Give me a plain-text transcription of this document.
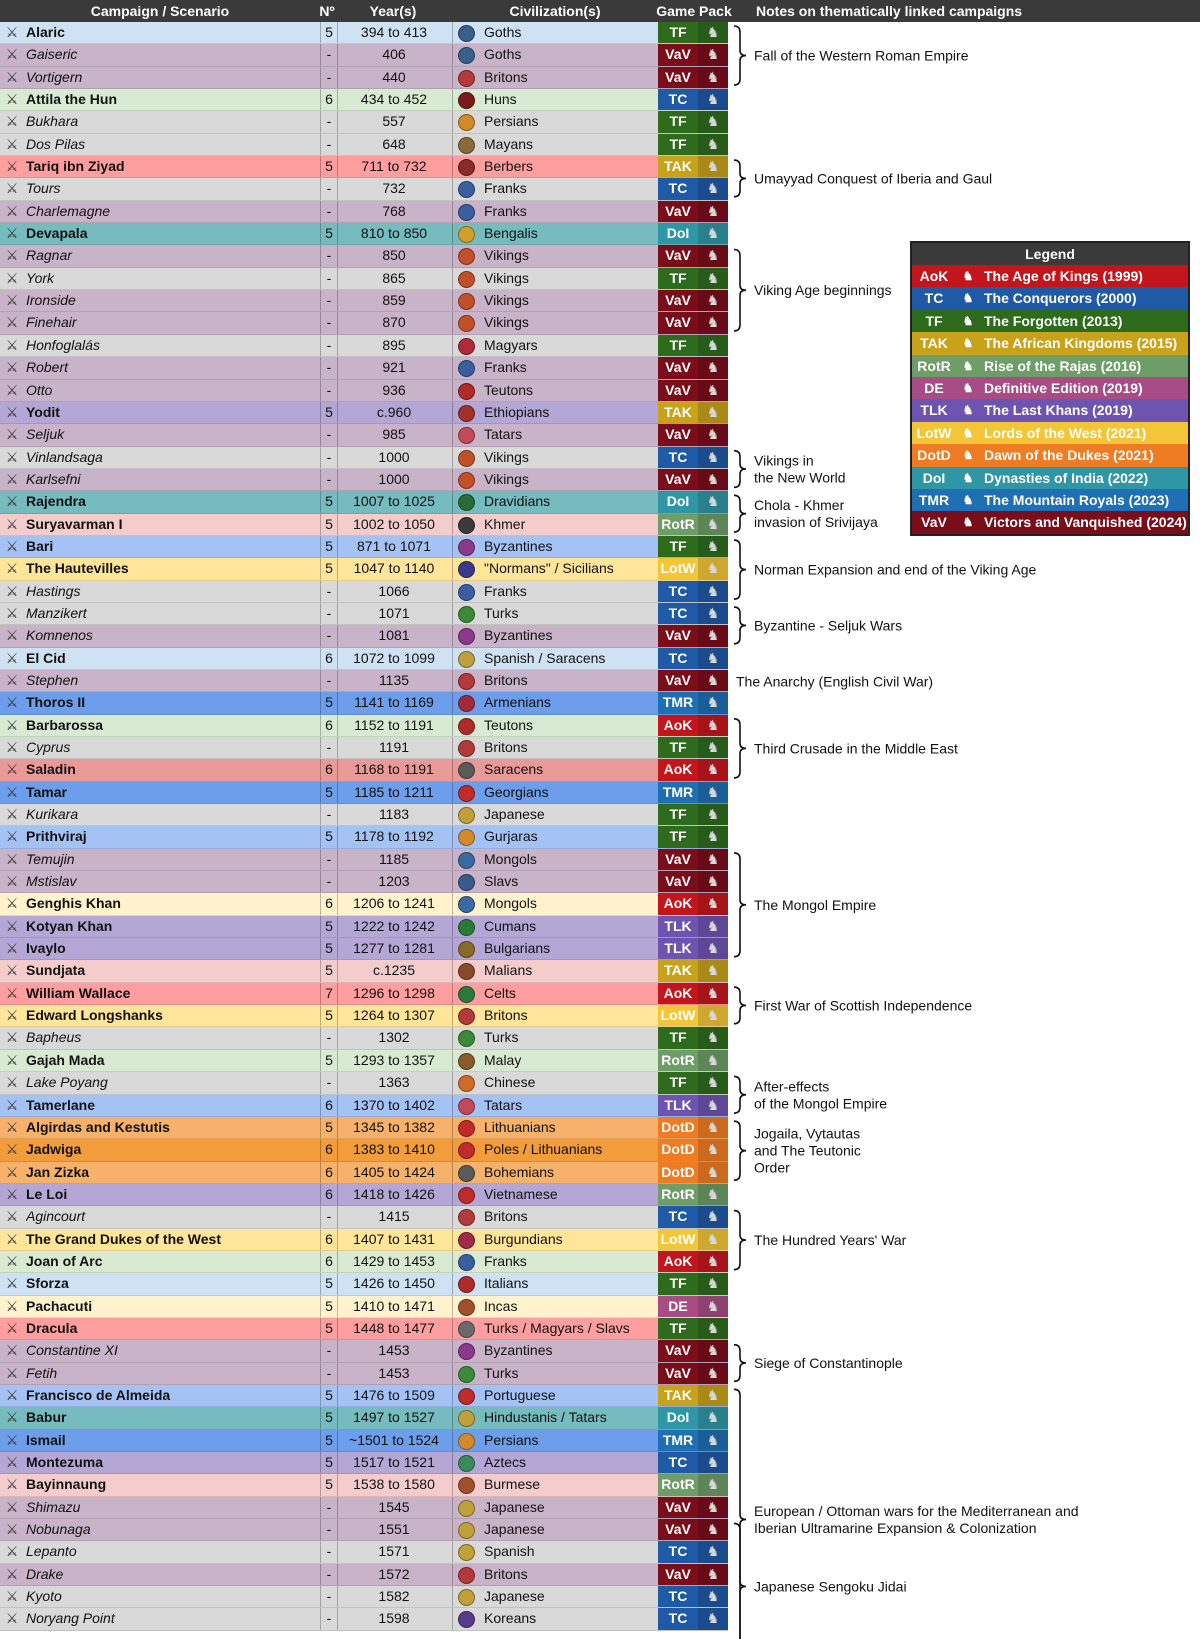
Campaign / Scenario	Nº	Year(s)	Civilization(s)	Game Pack Notes on thematically linked campaigns
⚔ Alaric	5	394 to 413	Goths	TF	♞
⚔ Gaiseric	-	406	Goths	VaV	♞
⚔ Vortigern	-	440	Britons	VaV	♞
⚔ Attila the Hun	6	434 to 452	Huns	TC	♞
⚔ Bukhara	-	557	Persians	TF	♞
⚔ Dos Pilas	-	648	Mayans	TF	♞
⚔ Tariq ibn Ziyad	5	711 to 732	Berbers	TAK	♞
⚔ Tours	-	732	Franks	TC	♞
⚔ Charlemagne	-	768	Franks	VaV	♞
⚔ Devapala	5	810 to 850	Bengalis	DoI	♞
⚔ Ragnar	-	850	Vikings	VaV	♞
⚔ York	-	865	Vikings	TF	♞
⚔ Ironside	-	859	Vikings	VaV	♞
⚔ Finehair	-	870	Vikings	VaV	♞
⚔ Honfoglalás	-	895	Magyars	TF	♞
⚔ Robert	-	921	Franks	VaV	♞
⚔ Otto	-	936	Teutons	VaV	♞
⚔ Yodit	5	c.960	Ethiopians	TAK	♞
⚔ Seljuk	-	985	Tatars	VaV	♞
⚔ Vinlandsaga	-	1000	Vikings	TC	♞
⚔ Karlsefni	-	1000	Vikings	VaV	♞
⚔ Rajendra	5	1007 to 1025	Dravidians	DoI	♞
⚔ Suryavarman I	5	1002 to 1050	Khmer	RotR ♞
⚔ Bari	5	871 to 1071	Byzantines	TF	♞
⚔ The Hautevilles	5	1047 to 1140	"Normans" / Sicilians	LotW ♞
⚔ Hastings	-	1066	Franks	TC	♞
⚔ Manzikert	-	1071	Turks	TC	♞
⚔ Komnenos	-	1081	Byzantines	VaV	♞
⚔ El Cid	6	1072 to 1099	Spanish / Saracens	TC	♞
⚔ Stephen	-	1135	Britons	VaV	♞
⚔ Thoros II	5	1141 to 1169	Armenians	TMR ♞
⚔ Barbarossa	6	1152 to 1191	Teutons	AoK	♞
⚔ Cyprus	-	1191	Britons	TF	♞
⚔ Saladin	6	1168 to 1191	Saracens	AoK	♞
⚔ Tamar	5	1185 to 1211	Georgians	TMR ♞
⚔ Kurikara	-	1183	Japanese	TF	♞
⚔ Prithviraj	5	1178 to 1192	Gurjaras	TF	♞
⚔ Temujin	-	1185	Mongols	VaV	♞
⚔ Mstislav	-	1203	Slavs	VaV	♞
⚔ Genghis Khan	6	1206 to 1241	Mongols	AoK	♞
⚔ Kotyan Khan	5	1222 to 1242	Cumans	TLK	♞
⚔ Ivaylo	5	1277 to 1281	Bulgarians	TLK	♞
⚔ Sundjata	5	c.1235	Malians	TAK	♞
⚔ William Wallace	7	1296 to 1298	Celts	AoK	♞
⚔ Edward Longshanks	5	1264 to 1307	Britons	LotW ♞
⚔ Bapheus	-	1302	Turks	TF	♞
⚔ Gajah Mada	5	1293 to 1357	Malay	RotR ♞
⚔ Lake Poyang	-	1363	Chinese	TF	♞
⚔ Tamerlane	6	1370 to 1402	Tatars	TLK	♞
⚔ Algirdas and Kestutis	5	1345 to 1382	Lithuanians	DotD ♞
⚔ Jadwiga	6	1383 to 1410	Poles / Lithuanians	DotD ♞
⚔ Jan Zizka	6	1405 to 1424	Bohemians	DotD ♞
⚔ Le Loi	6	1418 to 1426	Vietnamese	RotR ♞
⚔ Agincourt	-	1415	Britons	TC	♞
⚔ The Grand Dukes of the West	6	1407 to 1431	Burgundians	LotW ♞
⚔ Joan of Arc	6	1429 to 1453	Franks	AoK	♞
⚔ Sforza	5	1426 to 1450	Italians	TF	♞
⚔ Pachacuti	5	1410 to 1471	Incas	DE	♞
⚔ Dracula	5	1448 to 1477	Turks / Magyars / Slavs	TF	♞
⚔ Constantine XI	-	1453	Byzantines	VaV	♞
⚔ Fetih	-	1453	Turks	VaV	♞
⚔ Francisco de Almeida	5	1476 to 1509	Portuguese	TAK	♞
⚔ Babur	5	1497 to 1527	Hindustanis / Tatars	DoI	♞
⚔ Ismail	5	~1501 to 1524	Persians	TMR ♞
⚔ Montezuma	5	1517 to 1521	Aztecs	TC	♞
⚔ Bayinnaung	5	1538 to 1580	Burmese	RotR ♞
⚔ Shimazu	-	1545	Japanese	VaV	♞
⚔ Nobunaga	-	1551	Japanese	VaV	♞
⚔ Lepanto	-	1571	Spanish	TC	♞
⚔ Drake	-	1572	Britons	VaV	♞
⚔ Kyoto	-	1582	Japanese	TC	♞
⚔ Noryang Point	-	1598	Koreans	TC	♞
Fall of the Western Roman Empire
Umayyad Conquest of Iberia and Gaul
Viking Age beginnings
Vikings in the New World
Chola - Khmer invasion of Srivijaya
Norman Expansion and end of the Viking Age
Byzantine - Seljuk Wars
The Anarchy (English Civil War)
Third Crusade in the Middle East
The Mongol Empire
First War of Scottish Independence
After-effects of the Mongol Empire
Jogaila, Vytautas and The Teutonic Order
The Hundred Years' War
Siege of Constantinople
European / Ottoman wars for the Mediterranean and Iberian Ultramarine Expansion & Colonization
Japanese Sengoku Jidai
Legend
AoK	♞ The Age of Kings (1999)
TC	♞ The Conquerors (2000)
TF	♞ The Forgotten (2013)
TAK	♞ The African Kingdoms (2015)
RotR ♞ Rise of the Rajas (2016)
DE	♞ Definitive Edition (2019)
TLK	♞ The Last Khans (2019)
LotW ♞ Lords of the West (2021)
DotD ♞ Dawn of the Dukes (2021)
DoI	♞ Dynasties of India (2022)
TMR	♞ The Mountain Royals (2023)
VaV	♞ Victors and Vanquished (2024)
